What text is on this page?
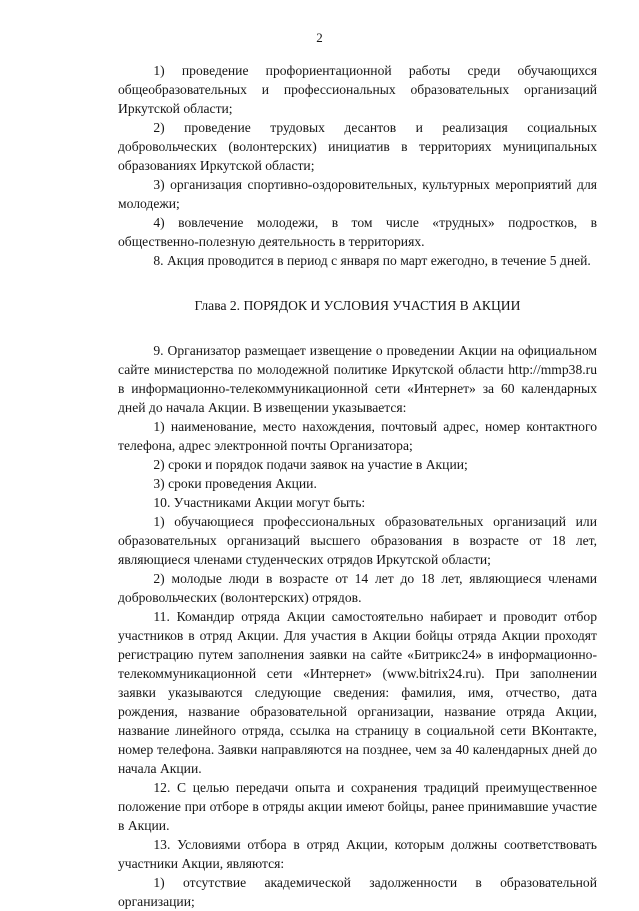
2

1) проведение профориентационной работы среди обучающихся общеобразовательных и профессиональных образовательных организаций Иркутской области;

2) проведение трудовых десантов и реализация социальных добровольческих (волонтерских) инициатив в территориях муниципальных образованиях Иркутской области;

3) организация спортивно-оздоровительных, культурных мероприятий для молодежи;

4) вовлечение молодежи, в том числе «трудных» подростков, в общественно-полезную деятельность в территориях.

8. Акция проводится в период с января по март ежегодно, в течение 5 дней.

Глава 2. ПОРЯДОК И УСЛОВИЯ УЧАСТИЯ В АКЦИИ

9. Организатор размещает извещение о проведении Акции на официальном сайте министерства по молодежной политике Иркутской области http://mmp38.ru в информационно-телекоммуникационной сети «Интернет» за 60 календарных дней до начала Акции. В извещении указывается:

1) наименование, место нахождения, почтовый адрес, номер контактного телефона, адрес электронной почты Организатора;

2) сроки и порядок подачи заявок на участие в Акции;

3) сроки проведения Акции.

10. Участниками Акции могут быть:

1) обучающиеся профессиональных образовательных организаций или образовательных организаций высшего образования в возрасте от 18 лет, являющиеся членами студенческих отрядов Иркутской области;

2) молодые люди в возрасте от 14 лет до 18 лет, являющиеся членами добровольческих (волонтерских) отрядов.

11. Командир отряда Акции самостоятельно набирает и проводит отбор участников в отряд Акции. Для участия в Акции бойцы отряда Акции проходят регистрацию путем заполнения заявки на сайте «Битрикс24» в информационно-телекоммуникационной сети «Интернет» (www.bitrix24.ru). При заполнении заявки указываются следующие сведения: фамилия, имя, отчество, дата рождения, название образовательной организации, название отряда Акции, название линейного отряда, ссылка на страницу в социальной сети ВКонтакте, номер телефона. Заявки направляются на позднее, чем за 40 календарных дней до начала Акции.

12. С целью передачи опыта и сохранения традиций преимущественное положение при отборе в отряды акции имеют бойцы, ранее принимавшие участие в Акции.

13. Условиями отбора в отряд Акции, которым должны соответствовать участники Акции, являются:

1) отсутствие академической задолженности в образовательной организации;
